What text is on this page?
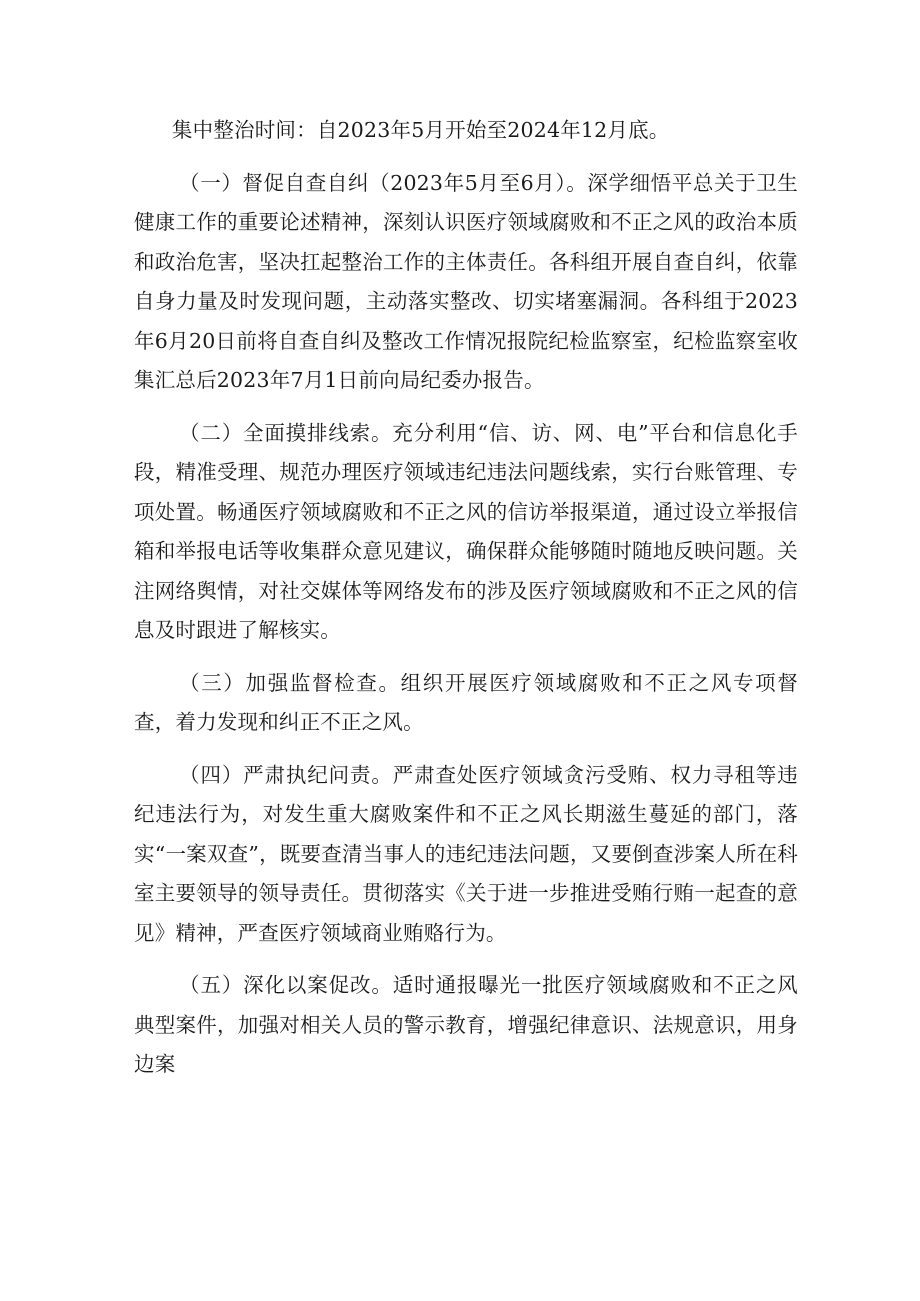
集中整治时间：自2023年5月开始至2024年12月底。

（一）督促自查自纠（2023年5月至6月）。深学细悟平总关于卫生健康工作的重要论述精神，深刻认识医疗领域腐败和不正之风的政治本质和政治危害，坚决扛起整治工作的主体责任。各科组开展自查自纠，依靠自身力量及时发现问题，主动落实整改、切实堵塞漏洞。各科组于2023年6月20日前将自查自纠及整改工作情况报院纪检监察室，纪检监察室收集汇总后2023年7月1日前向局纪委办报告。

（二）全面摸排线索。充分利用“信、访、网、电”平台和信息化手段，精准受理、规范办理医疗领域违纪违法问题线索，实行台账管理、专项处置。畅通医疗领域腐败和不正之风的信访举报渠道，通过设立举报信箱和举报电话等收集群众意见建议，确保群众能够随时随地反映问题。关注网络舆情，对社交媒体等网络发布的涉及医疗领域腐败和不正之风的信息及时跟进了解核实。

（三）加强监督检查。组织开展医疗领域腐败和不正之风专项督查，着力发现和纠正不正之风。

（四）严肃执纪问责。严肃查处医疗领域贪污受贿、权力寻租等违纪违法行为，对发生重大腐败案件和不正之风长期滋生蔓延的部门，落实“一案双查”，既要查清当事人的违纪违法问题，又要倒查涉案人所在科室主要领导的领导责任。贯彻落实《关于进一步推进受贿行贿一起查的意见》精神，严查医疗领域商业贿赂行为。

（五）深化以案促改。适时通报曝光一批医疗领域腐败和不正之风典型案件，加强对相关人员的警示教育，增强纪律意识、法规意识，用身边案
